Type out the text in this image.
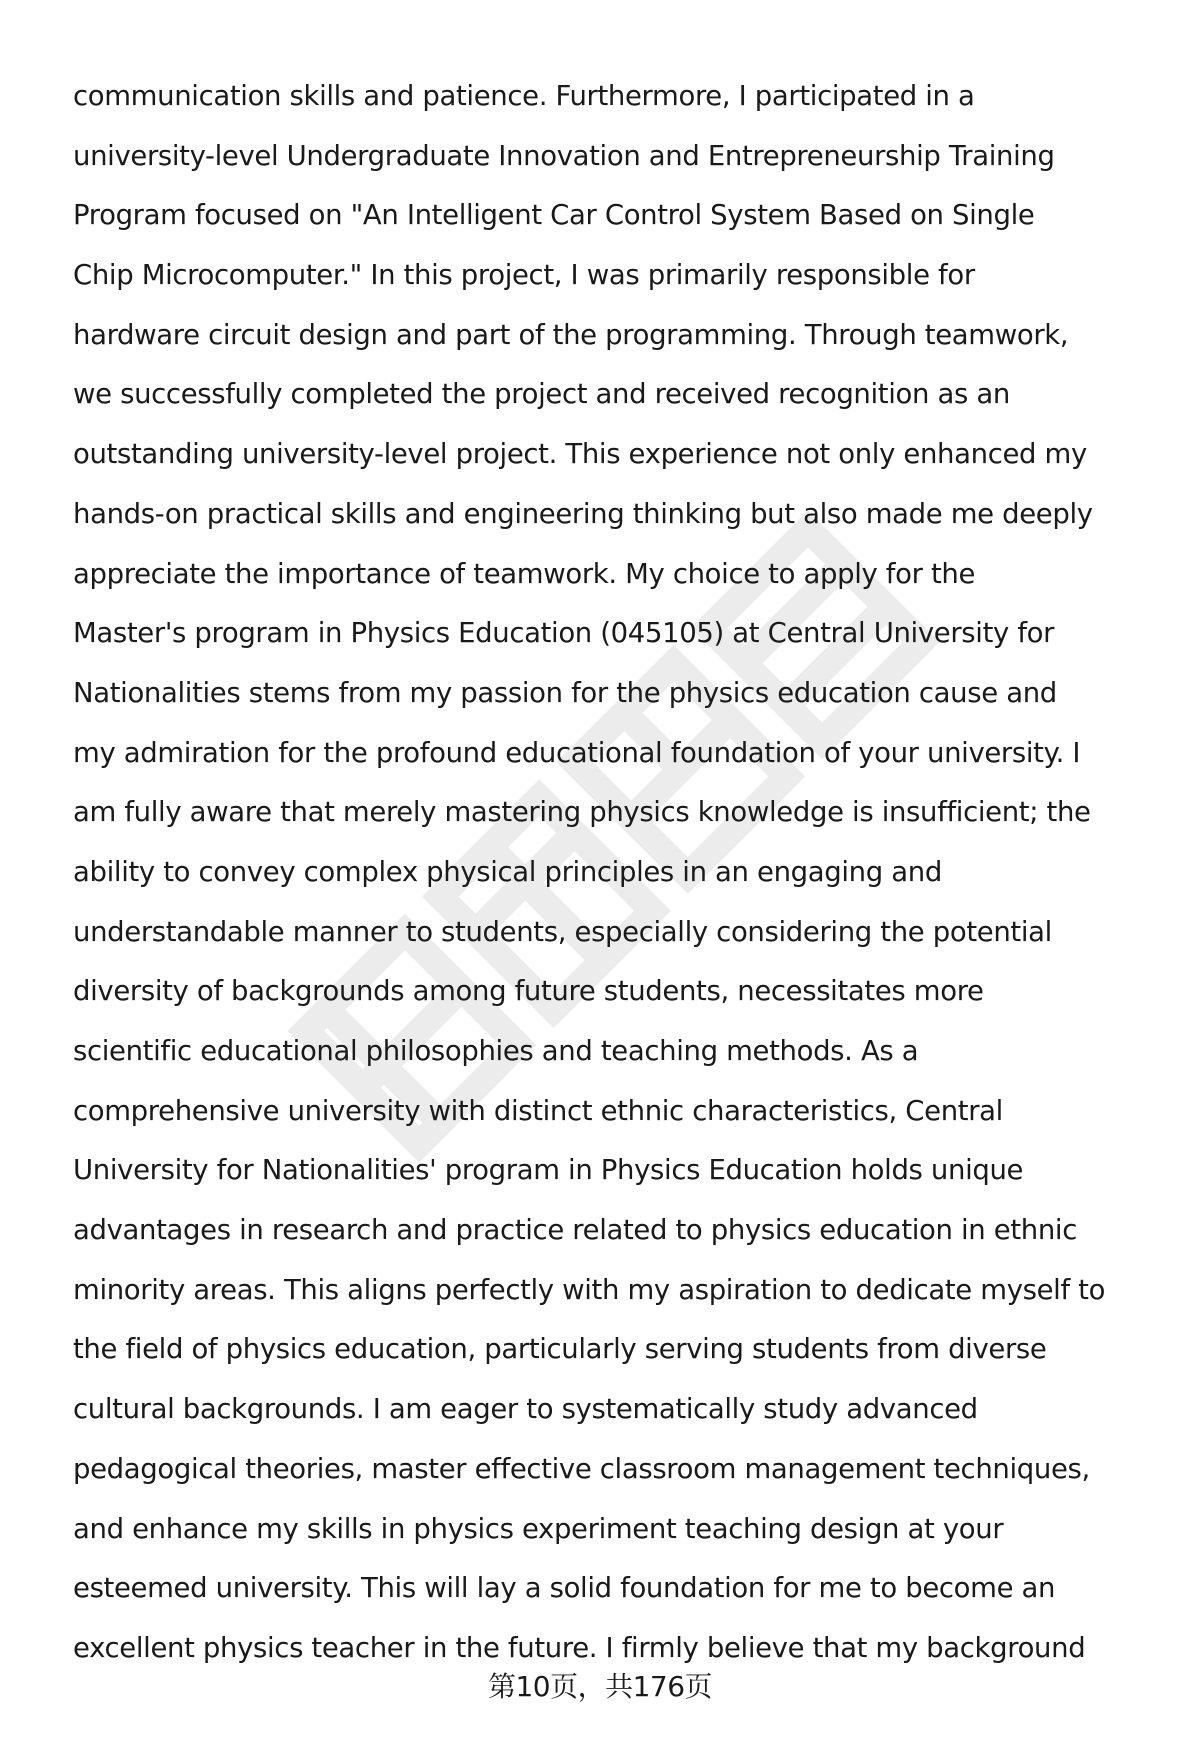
communication skills and patience. Furthermore, I participated in a
university-level Undergraduate Innovation and Entrepreneurship Training
Program focused on "An Intelligent Car Control System Based on Single
Chip Microcomputer." In this project, I was primarily responsible for
hardware circuit design and part of the programming. Through teamwork,
we successfully completed the project and received recognition as an
outstanding university-level project. This experience not only enhanced my
hands-on practical skills and engineering thinking but also made me deeply
appreciate the importance of teamwork. My choice to apply for the
Master's program in Physics Education (045105) at Central University for
Nationalities stems from my passion for the physics education cause and
my admiration for the profound educational foundation of your university. I
am fully aware that merely mastering physics knowledge is insufficient; the
ability to convey complex physical principles in an engaging and
understandable manner to students, especially considering the potential
diversity of backgrounds among future students, necessitates more
scientific educational philosophies and teaching methods. As a
comprehensive university with distinct ethnic characteristics, Central
University for Nationalities' program in Physics Education holds unique
advantages in research and practice related to physics education in ethnic
minority areas. This aligns perfectly with my aspiration to dedicate myself to
the field of physics education, particularly serving students from diverse
cultural backgrounds. I am eager to systematically study advanced
pedagogical theories, master effective classroom management techniques,
and enhance my skills in physics experiment teaching design at your
esteemed university. This will lay a solid foundation for me to become an
excellent physics teacher in the future. I firmly believe that my background
第10页，共176页
